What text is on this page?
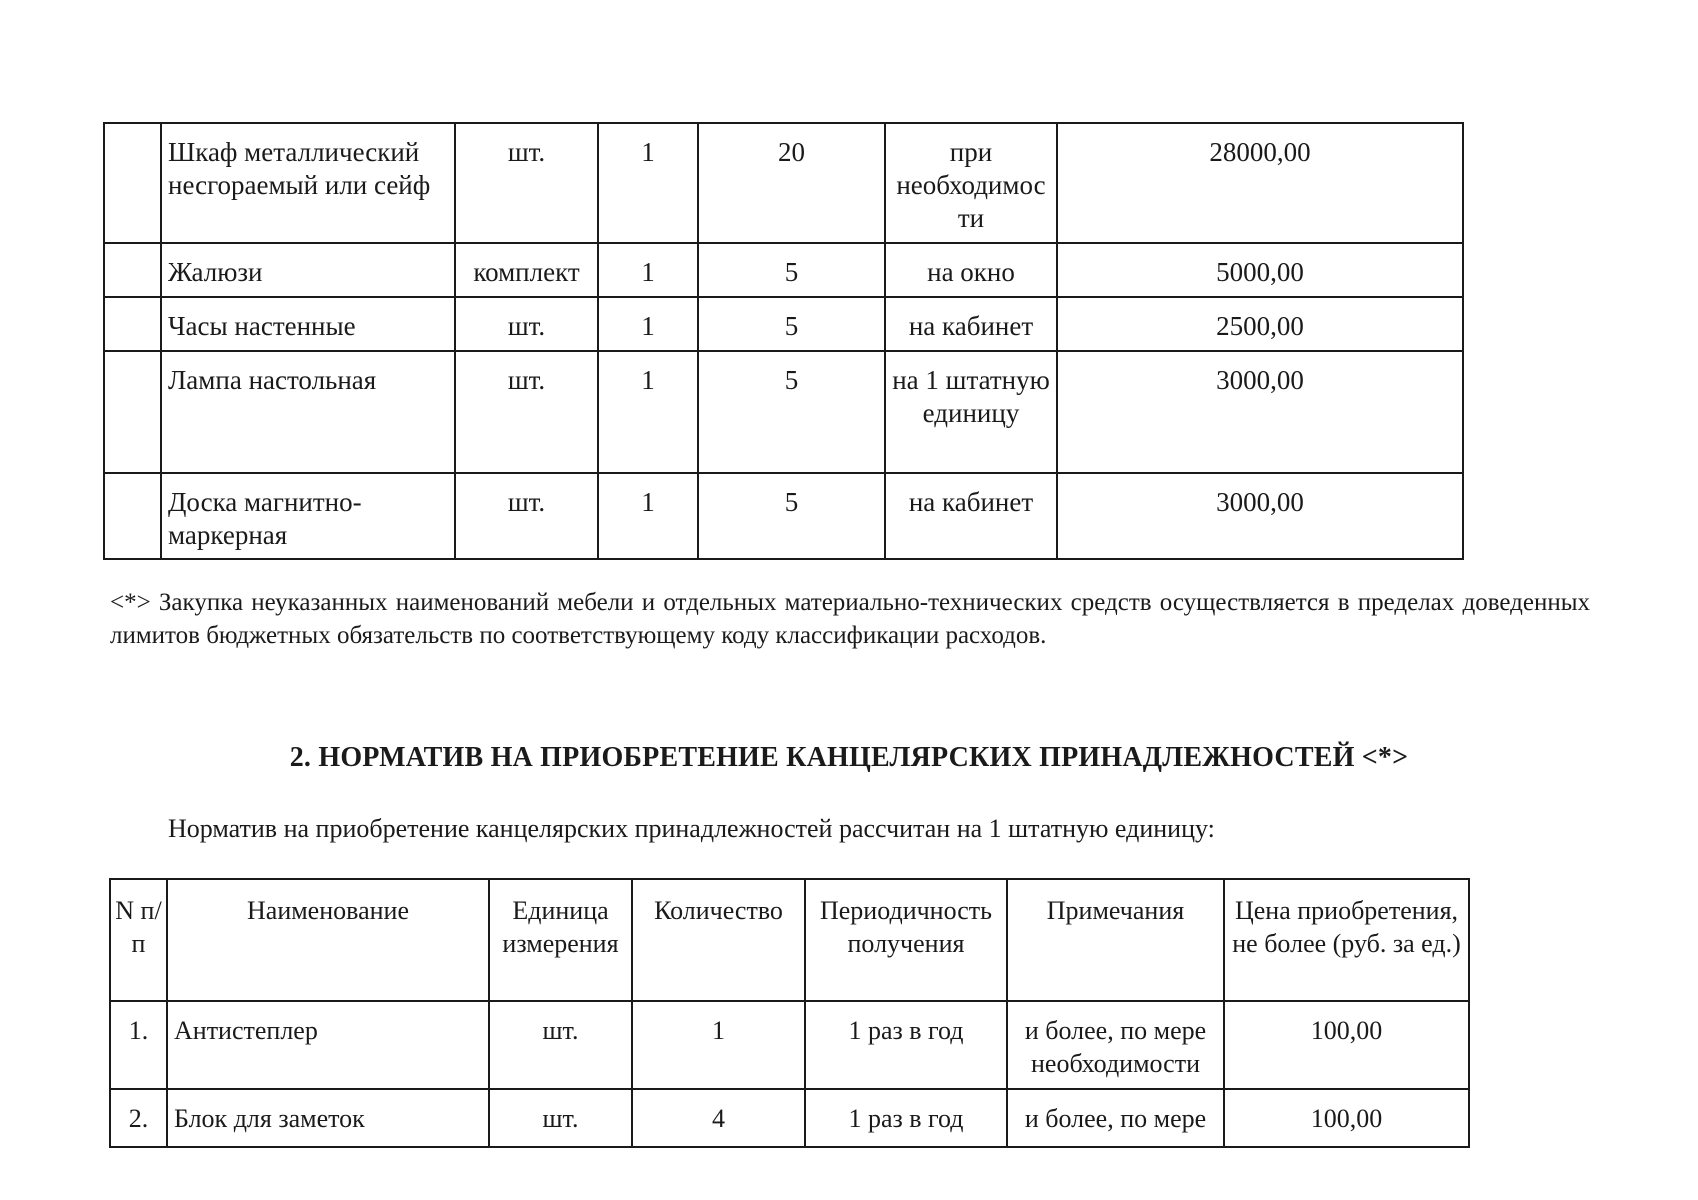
	Шкаф металлический несгораемый или сейф	шт.	1	20	при необходимос ти	28000,00
	Жалюзи	комплект	1	5	на окно	5000,00
	Часы настенные	шт.	1	5	на кабинет	2500,00
	Лампа настольная	шт.	1	5	на 1 штатную единицу	3000,00
	Доска магнитно-маркерная	шт.	1	5	на кабинет	3000,00
<*> Закупка неуказанных наименований мебели и отдельных материально-технических средств осуществляется в пределах доведенных лимитов бюджетных обязательств по соответствующему коду классификации расходов.
2. НОРМАТИВ НА ПРИОБРЕТЕНИЕ КАНЦЕЛЯРСКИХ ПРИНАДЛЕЖНОСТЕЙ <*>
Норматив на приобретение канцелярских принадлежностей рассчитан на 1 штатную единицу:
N п/п	Наименование	Единица измерения	Количество	Периодичность получения	Примечания	Цена приобретения, не более (руб. за ед.)
1.	Антистеплер	шт.	1	1 раз в год	и более, по мере необходимости	100,00
2.	Блок для заметок	шт.	4	1 раз в год	и более, по мере	100,00
